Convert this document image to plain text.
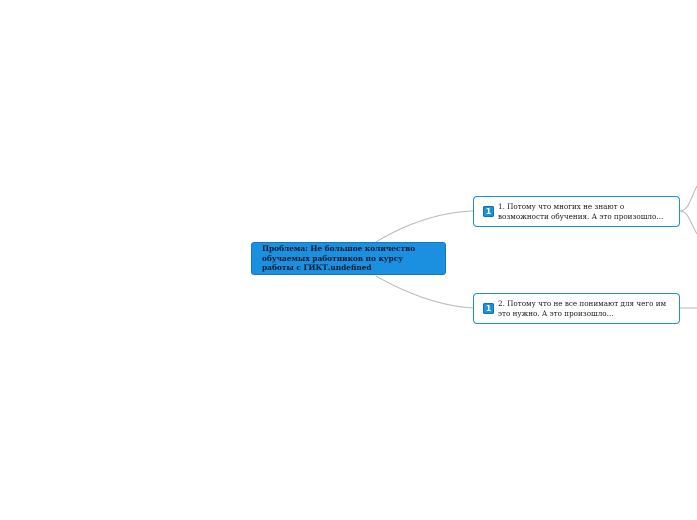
Проблема: Не большое количество обучаемых работников по курсу работы с ГИКТ.undefined
1
1. Потому что многих не знают о возможности обучения. А это произошло…
1
2. Потому что не все понимают для чего им это нужно. А это произошло…
